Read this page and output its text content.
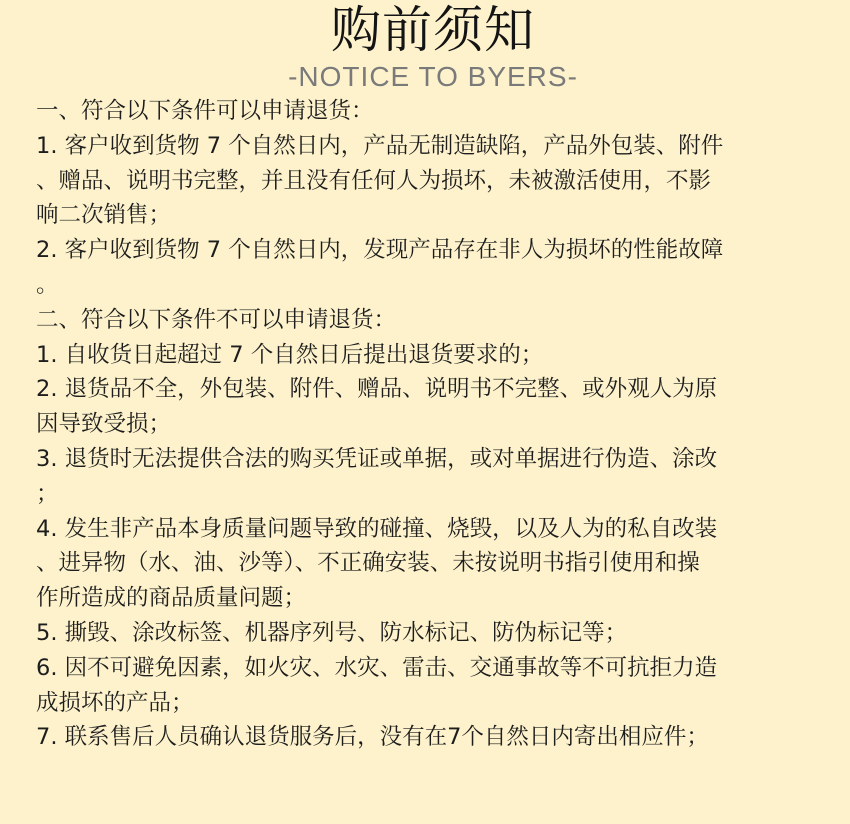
购前须知
-NOTICE TO BYERS-

一、符合以下条件可以申请退货：

1. 客户收到货物 7 个自然日内，产品无制造缺陷，产品外包装、附件

、赠品、说明书完整，并且没有任何人为损坏，未被激活使用，不影

响二次销售；

2. 客户收到货物 7 个自然日内，发现产品存在非人为损坏的性能故障

。

二、符合以下条件不可以申请退货：

1. 自收货日起超过 7 个自然日后提出退货要求的；

2. 退货品不全，外包装、附件、赠品、说明书不完整、或外观人为原

因导致受损；

3. 退货时无法提供合法的购买凭证或单据，或对单据进行伪造、涂改

；

4. 发生非产品本身质量问题导致的碰撞、烧毁，以及人为的私自改装

、进异物（水、油、沙等）、不正确安装、未按说明书指引使用和操

作所造成的商品质量问题；

5. 撕毁、涂改标签、机器序列号、防水标记、防伪标记等；

6. 因不可避免因素，如火灾、水灾、雷击、交通事故等不可抗拒力造

成损坏的产品；

7. 联系售后人员确认退货服务后，没有在7个自然日内寄出相应件；
